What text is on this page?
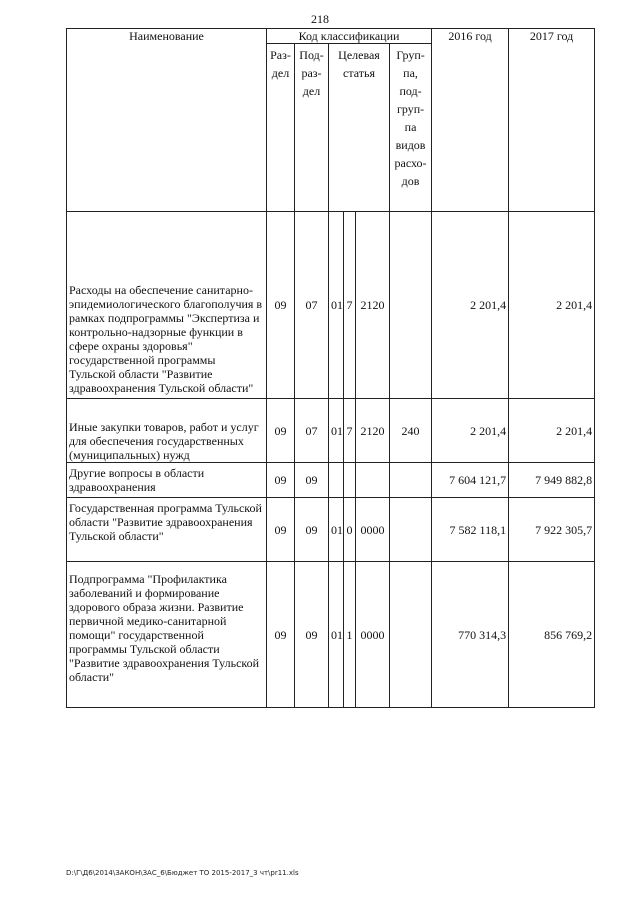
218
Наименование	Код классификации						2016 год	2017 год
	Раз-дел	Под-раз-дел	Целевая статья			Груп-па, под-груп-па видов расхо-дов		
Расходы на обеспечение санитарно-эпидемиологического благополучия в рамках подпрограммы "Экспертиза и контрольно-надзорные функции в сфере охраны здоровья" государственной программы Тульской области "Развитие здравоохранения Тульской области"	09	07	01	7	2120		2 201,4	2 201,4
Иные закупки товаров, работ и услуг для обеспечения государственных (муниципальных) нужд	09	07	01	7	2120	240	2 201,4	2 201,4
Другие вопросы в области здравоохранения	09	09					7 604 121,7	7 949 882,8
Государственная программа Тульской области "Развитие здравоохранения Тульской области"	09	09	01	0	0000		7 582 118,1	7 922 305,7
Подпрограмма "Профилактика заболеваний и формирование здорового образа жизни. Развитие первичной медико-санитарной помощи" государственной программы Тульской области "Развитие здравоохранения Тульской области"	09	09	01	1	0000		770 314,3	856 769,2
D:\Г\Д6\2014\ЗАКОН\ЗАС_6\Бюджет ТО 2015-2017_3 чт\pr11.xls
